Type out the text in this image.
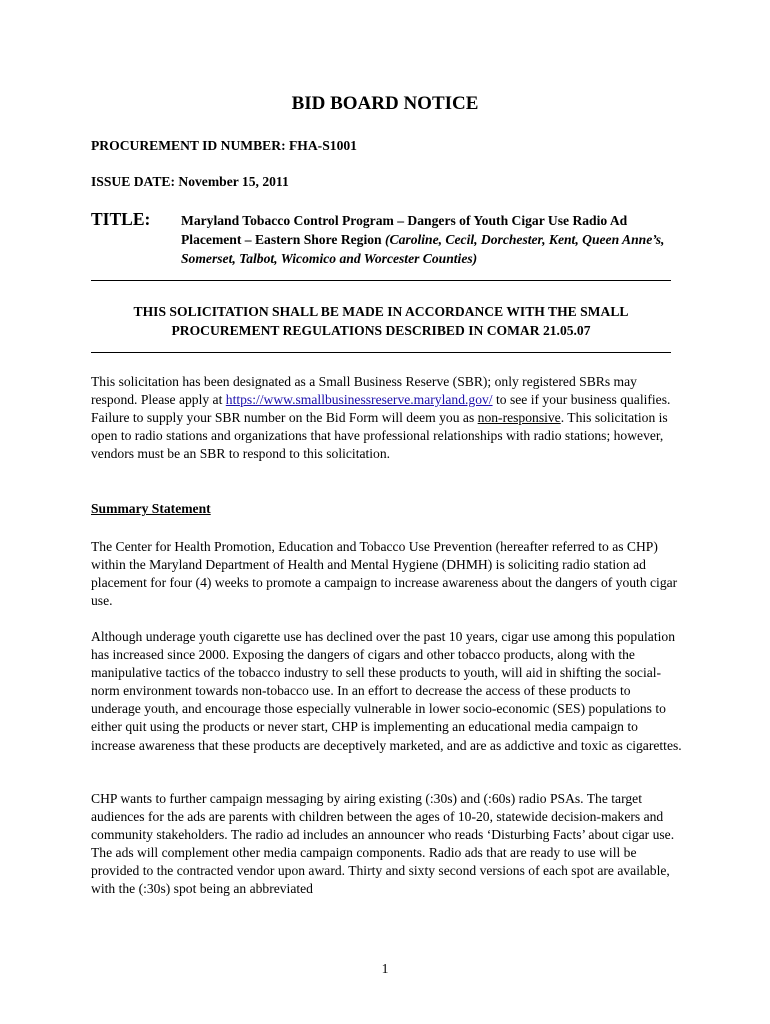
BID BOARD NOTICE
PROCUREMENT ID NUMBER: FHA-S1001
ISSUE DATE: November 15, 2011
TITLE: Maryland Tobacco Control Program – Dangers of Youth Cigar Use Radio Ad Placement – Eastern Shore Region (Caroline, Cecil, Dorchester, Kent, Queen Anne’s, Somerset, Talbot, Wicomico and Worcester Counties)
THIS SOLICITATION SHALL BE MADE IN ACCORDANCE WITH THE SMALL PROCUREMENT REGULATIONS DESCRIBED IN COMAR 21.05.07
This solicitation has been designated as a Small Business Reserve (SBR); only registered SBRs may respond. Please apply at https://www.smallbusinessreserve.maryland.gov/ to see if your business qualifies. Failure to supply your SBR number on the Bid Form will deem you as non-responsive. This solicitation is open to radio stations and organizations that have professional relationships with radio stations; however, vendors must be an SBR to respond to this solicitation.
Summary Statement
The Center for Health Promotion, Education and Tobacco Use Prevention (hereafter referred to as CHP) within the Maryland Department of Health and Mental Hygiene (DHMH) is soliciting radio station ad placement for four (4) weeks to promote a campaign to increase awareness about the dangers of youth cigar use.
Although underage youth cigarette use has declined over the past 10 years, cigar use among this population has increased since 2000. Exposing the dangers of cigars and other tobacco products, along with the manipulative tactics of the tobacco industry to sell these products to youth, will aid in shifting the social-norm environment towards non-tobacco use. In an effort to decrease the access of these products to underage youth, and encourage those especially vulnerable in lower socio-economic (SES) populations to either quit using the products or never start, CHP is implementing an educational media campaign to increase awareness that these products are deceptively marketed, and are as addictive and toxic as cigarettes.
CHP wants to further campaign messaging by airing existing (:30s) and (:60s) radio PSAs. The target audiences for the ads are parents with children between the ages of 10-20, statewide decision-makers and community stakeholders. The radio ad includes an announcer who reads ‘Disturbing Facts’ about cigar use. The ads will complement other media campaign components. Radio ads that are ready to use will be provided to the contracted vendor upon award. Thirty and sixty second versions of each spot are available, with the (:30s) spot being an abbreviated
1
